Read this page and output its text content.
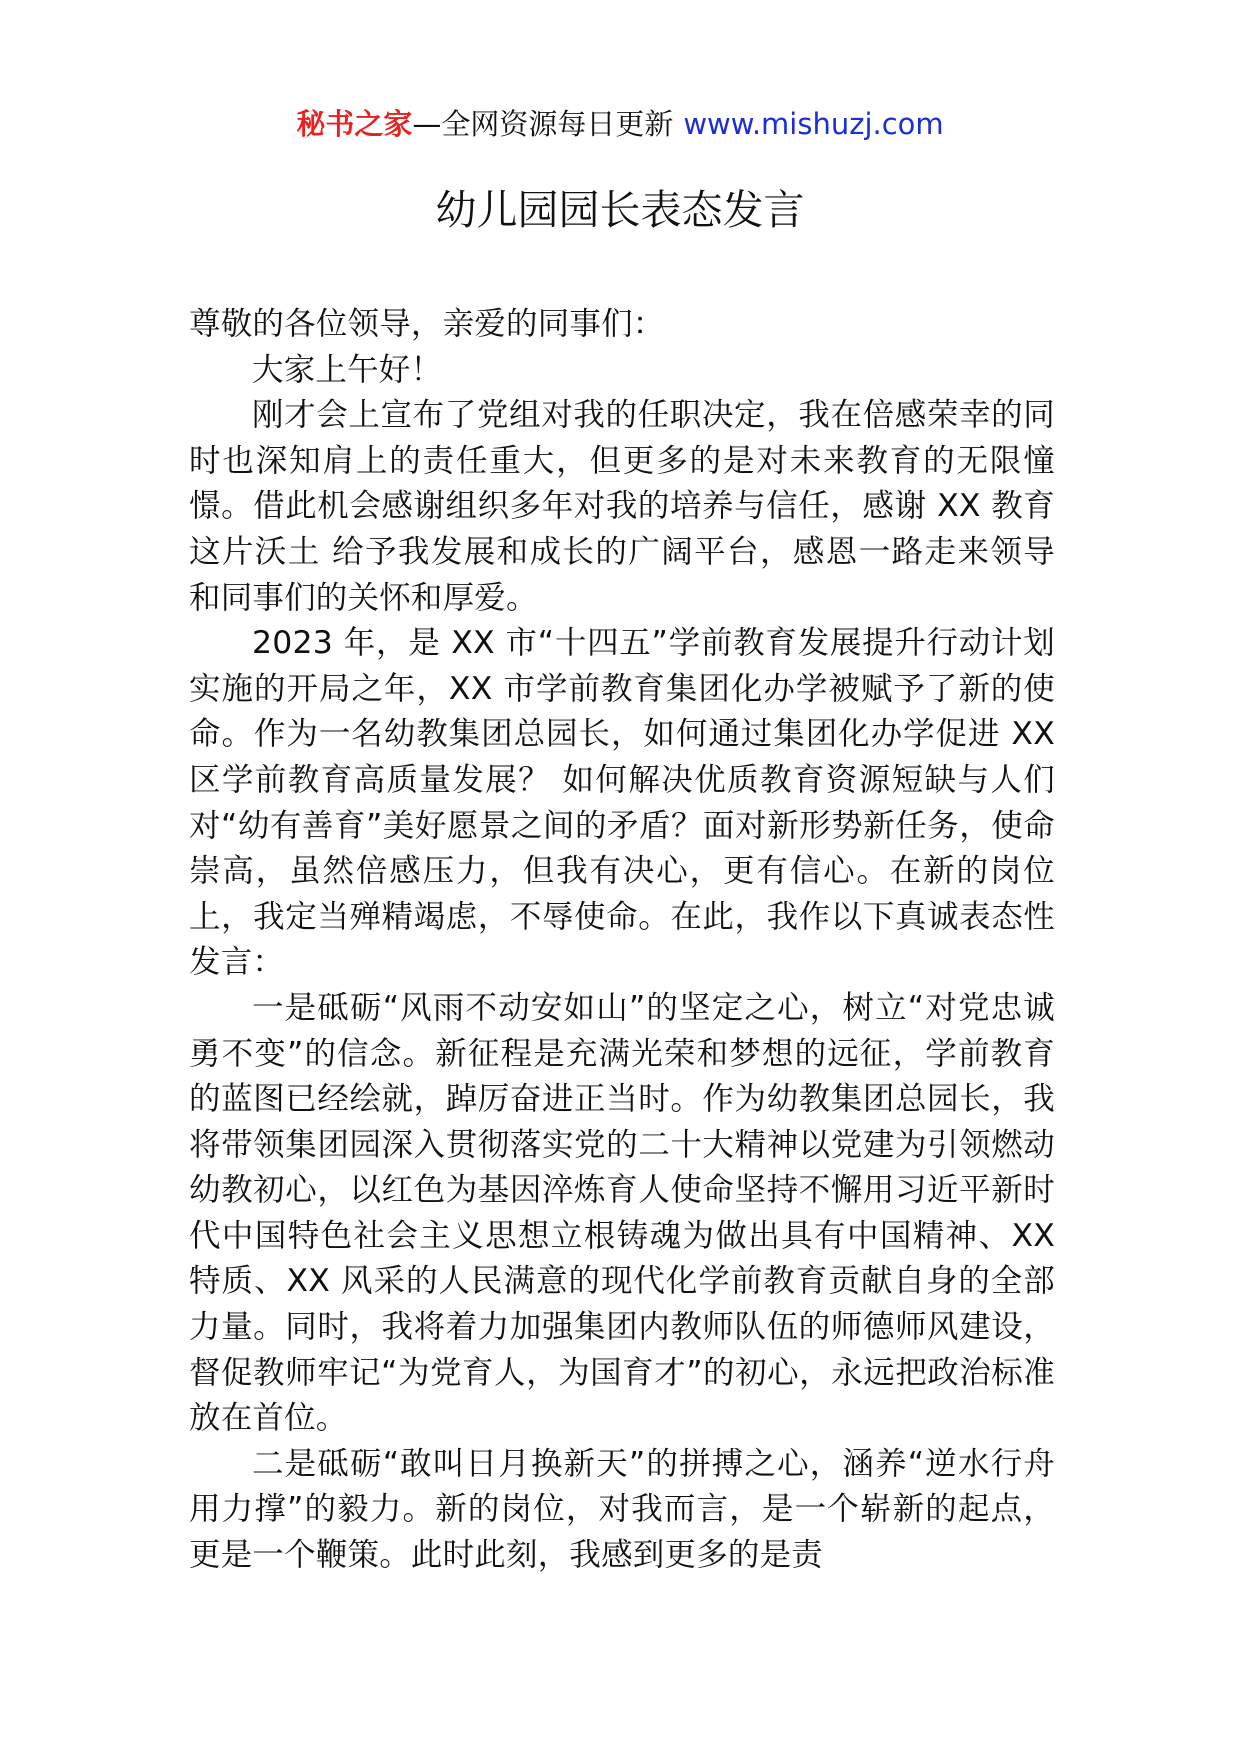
秘书之家—全网资源每日更新 www.mishuzj.com
幼儿园园长表态发言

尊敬的各位领导，亲爱的同事们：

大家上午好！

刚才会上宣布了党组对我的任职决定，我在倍感荣幸的同时也深知肩上的责任重大，但更多的是对未来教育的无限憧憬。借此机会感谢组织多年对我的培养与信任，感谢 XX 教育这片沃土 给予我发展和成长的广阔平台，感恩一路走来领导和同事们的关怀和厚爱。

2023 年，是 XX 市“十四五”学前教育发展提升行动计划实施的开局之年，XX 市学前教育集团化办学被赋予了新的使命。作为一名幼教集团总园长，如何通过集团化办学促进 XX 区学前教育高质量发展？ 如何解决优质教育资源短缺与人们对“幼有善育”美好愿景之间的矛盾？面对新形势新任务，使命崇高，虽然倍感压力，但我有决心，更有信心。在新的岗位上，我定当殚精竭虑，不辱使命。在此，我作以下真诚表态性发言：

一是砥砺“风雨不动安如山”的坚定之心，树立“对党忠诚勇不变”的信念。新征程是充满光荣和梦想的远征，学前教育的蓝图已经绘就，踔厉奋进正当时。作为幼教集团总园长，我将带领集团园深入贯彻落实党的二十大精神以党建为引领燃动幼教初心，以红色为基因淬炼育人使命坚持不懈用习近平新时代中国特色社会主义思想立根铸魂为做出具有中国精神、XX 特质、XX 风采的人民满意的现代化学前教育贡献自身的全部力量。同时，我将着力加强集团内教师队伍的师德师风建设，督促教师牢记“为党育人，为国育才”的初心，永远把政治标准放在首位。

二是砥砺“敢叫日月换新天”的拼搏之心，涵养“逆水行舟用力撑”的毅力。新的岗位，对我而言，是一个崭新的起点，更是一个鞭策。此时此刻，我感到更多的是责
